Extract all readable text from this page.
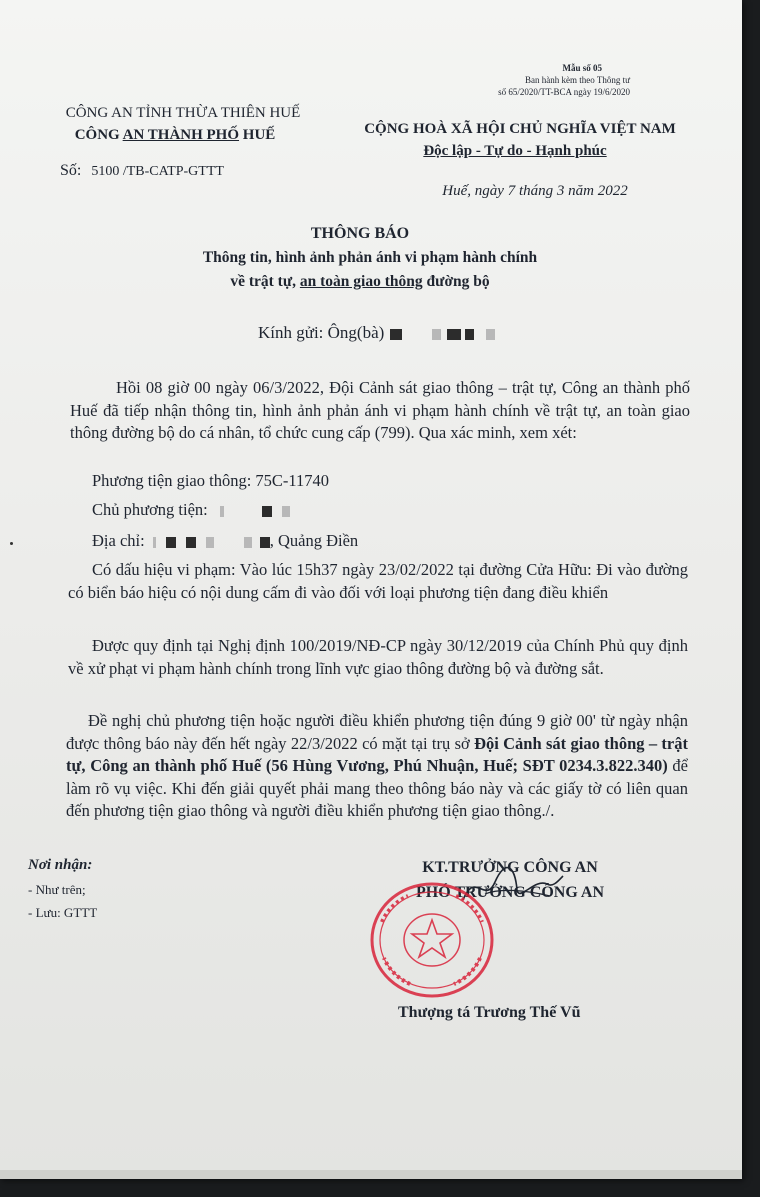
Mẫu số 05
Ban hành kèm theo Thông tư
số 65/2020/TT-BCA ngày 19/6/2020
CÔNG AN TỈNH THỪA THIÊN HUẾ
CÔNG AN THÀNH PHỐ HUẾ
Số: 5100 /TB-CATP-GTTT
CỘNG HOÀ XÃ HỘI CHỦ NGHĨA VIỆT NAM
Độc lập - Tự do - Hạnh phúc
Huế, ngày 7 tháng 3 năm 2022
THÔNG BÁO
Thông tin, hình ảnh phản ánh vi phạm hành chính
về trật tự, an toàn giao thông đường bộ
Kính gửi: Ông(bà)
Hồi 08 giờ 00 ngày 06/3/2022, Đội Cảnh sát giao thông – trật tự, Công an thành phố Huế đã tiếp nhận thông tin, hình ảnh phản ánh vi phạm hành chính về trật tự, an toàn giao thông đường bộ do cá nhân, tổ chức cung cấp (799). Qua xác minh, xem xét:
Phương tiện giao thông: 75C-11740
Chủ phương tiện:
Địa chỉ:	, Quảng Điền
Có dấu hiệu vi phạm: Vào lúc 15h37 ngày 23/02/2022 tại đường Cửa Hữu: Đi vào đường có biển báo hiệu có nội dung cấm đi vào đối với loại phương tiện đang điều khiển
Được quy định tại Nghị định 100/2019/NĐ-CP ngày 30/12/2019 của Chính Phủ quy định về xử phạt vi phạm hành chính trong lĩnh vực giao thông đường bộ và đường sắt.
Đề nghị chủ phương tiện hoặc người điều khiển phương tiện đúng 9 giờ 00' từ ngày nhận được thông báo này đến hết ngày 22/3/2022 có mặt tại trụ sở Đội Cảnh sát giao thông – trật tự, Công an thành phố Huế (56 Hùng Vương, Phú Nhuận, Huế; SĐT 0234.3.822.340) để làm rõ vụ việc. Khi đến giải quyết phải mang theo thông báo này và các giấy tờ có liên quan đến phương tiện giao thông và người điều khiển phương tiện giao thông./.
Nơi nhận:
- Như trên;
- Lưu: GTTT
KT.TRƯỞNG CÔNG AN
PHÓ TRƯỞNG CÔNG AN
Thượng tá Trương Thế Vũ
